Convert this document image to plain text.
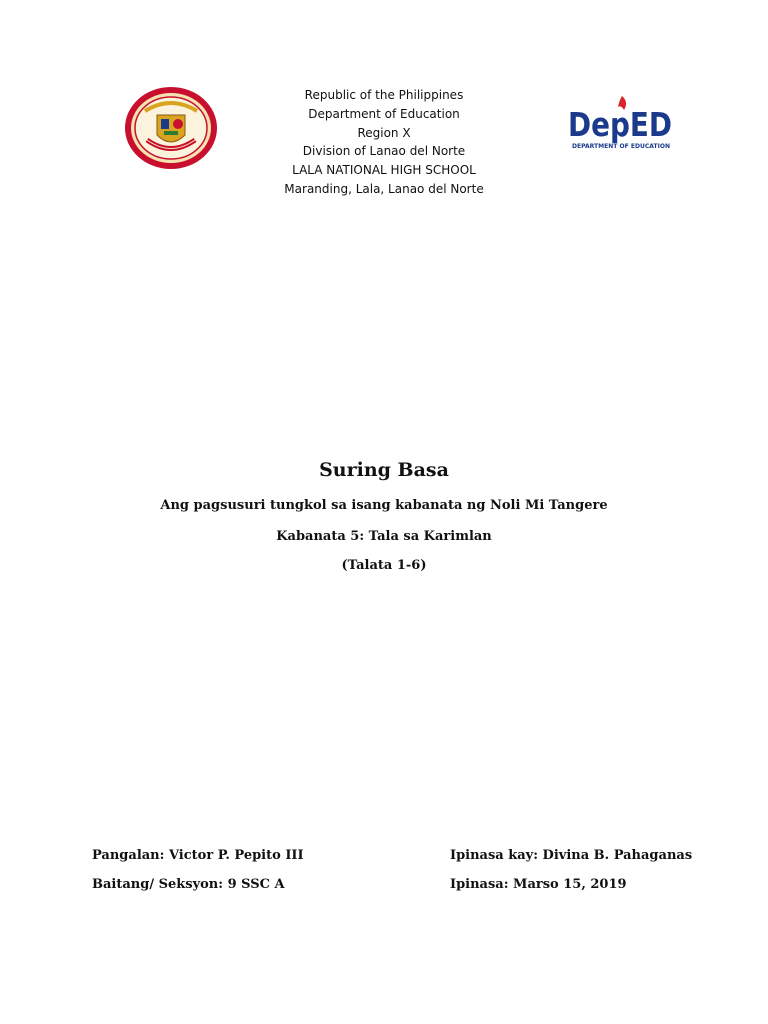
Republic of the Philippines
Department of Education
Region X
Division of Lanao del Norte
LALA NATIONAL HIGH SCHOOL
Maranding, Lala, Lanao del Norte
DepED
DEPARTMENT OF EDUCATION
Suring Basa
Ang pagsusuri tungkol sa isang kabanata ng Noli Mi Tangere
Kabanata 5: Tala sa Karimlan
(Talata 1-6)
Pangalan: Victor P. Pepito III
Baitang/ Seksyon: 9 SSC A
Ipinasa kay: Divina B. Pahaganas
Ipinasa: Marso 15, 2019
